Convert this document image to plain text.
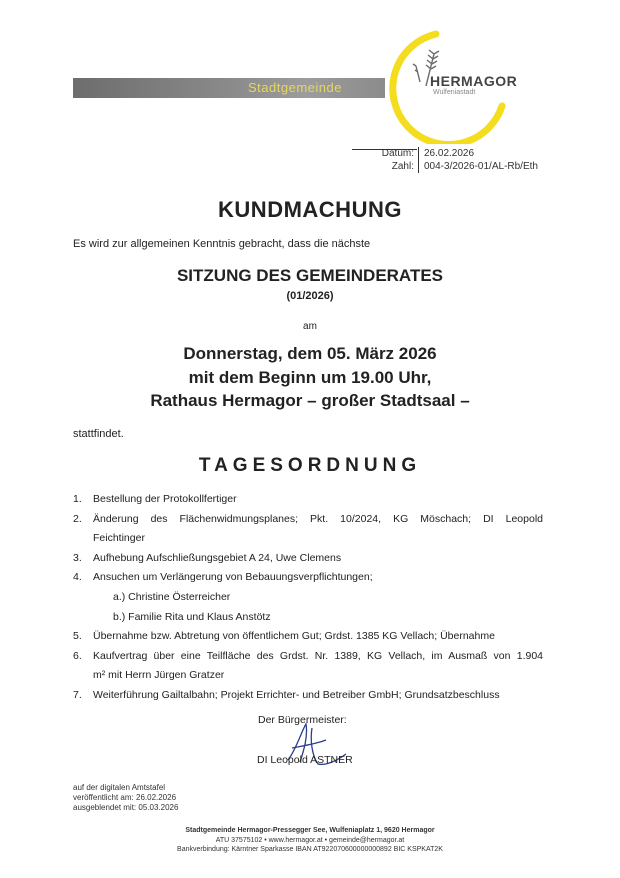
Stadtgemeinde	HERMAGOR
Wulfeniastadt
Datum:	26.02.2026
Zahl:	004-3/2026-01/AL-Rb/Eth
KUNDMACHUNG
Es wird zur allgemeinen Kenntnis gebracht, dass die nächste
SITZUNG DES GEMEINDERATES
(01/2026)
am
Donnerstag, dem 05. März 2026
mit dem Beginn um 19.00 Uhr,
Rathaus Hermagor – großer Stadtsaal –
stattfindet.
TAGESORDNUNG
1.	Bestellung der Protokollfertiger
2.	Änderung des Flächenwidmungsplanes; Pkt. 10/2024, KG Möschach; DI Leopold
Feichtinger
3.	Aufhebung Aufschließungsgebiet A 24, Uwe Clemens
4.	Ansuchen um Verlängerung von Bebauungsverpflichtungen;
a.) Christine Österreicher
b.) Familie Rita und Klaus Anstötz
5.	Übernahme bzw. Abtretung von öffentlichem Gut; Grdst. 1385 KG Vellach; Übernahme
6.	Kaufvertrag über eine Teilfläche des Grdst. Nr. 1389, KG Vellach, im Ausmaß von 1.904
m² mit Herrn Jürgen Gratzer
7.	Weiterführung Gailtalbahn; Projekt Errichter- und Betreiber GmbH; Grundsatzbeschluss
Der Bürgermeister:
DI Leopold ASTNER
auf der digitalen Amtstafel
veröffentlicht am: 26.02.2026
ausgeblendet mit: 05.03.2026
Stadtgemeinde Hermagor-Pressegger See, Wulfeniaplatz 1, 9620 Hermagor
ATU 37575102 • www.hermagor.at • gemeinde@hermagor.at
Bankverbindung: Kärntner Sparkasse IBAN AT922070600000000892 BIC KSPKAT2K
